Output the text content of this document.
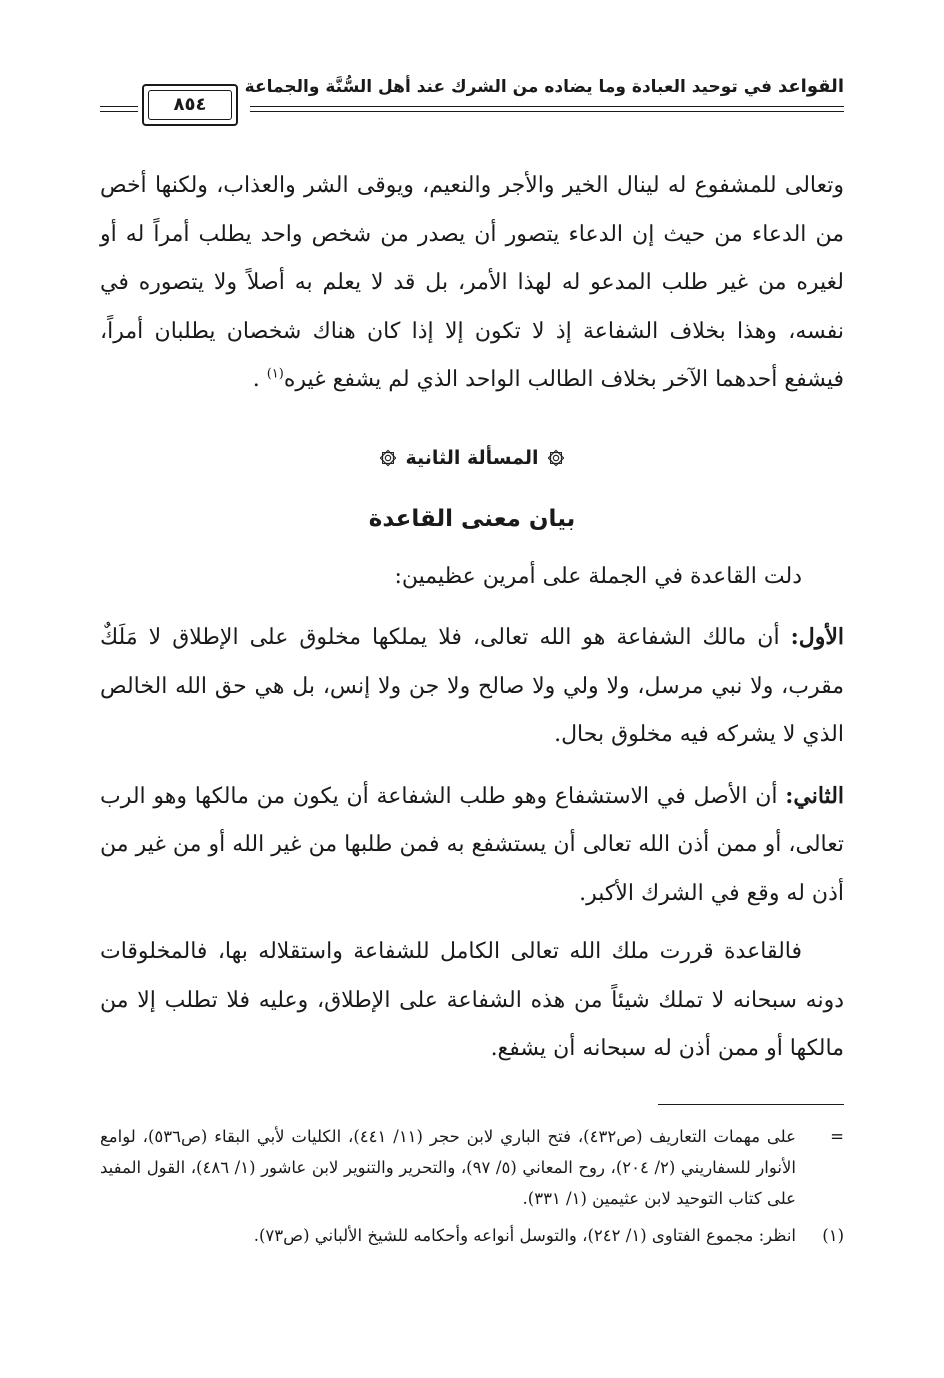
القواعد في توحيد العبادة وما يضاده من الشرك عند أهل السُّنَّة والجماعة
٨٥٤

وتعالى للمشفوع له لينال الخير والأجر والنعيم، ويوقى الشر والعذاب، ولكنها أخص من الدعاء من حيث إن الدعاء يتصور أن يصدر من شخص واحد يطلب أمراً له أو لغيره من غير طلب المدعو له لهذا الأمر، بل قد لا يعلم به أصلاً ولا يتصوره في نفسه، وهذا بخلاف الشفاعة إذ لا تكون إلا إذا كان هناك شخصان يطلبان أمراً، فيشفع أحدهما الآخر بخلاف الطالب الواحد الذي لم يشفع غيره$^{(١)}$ .

المسألة الثانية
بيان معنى القاعدة

دلت القاعدة في الجملة على أمرين عظيمين:

الأول: أن مالك الشفاعة هو الله تعالى، فلا يملكها مخلوق على الإطلاق لا مَلَكٌ مقرب، ولا نبي مرسل، ولا ولي ولا صالح ولا جن ولا إنس، بل هي حق الله الخالص الذي لا يشركه فيه مخلوق بحال.

الثاني: أن الأصل في الاستشفاع وهو طلب الشفاعة أن يكون من مالكها وهو الرب تعالى، أو ممن أذن الله تعالى أن يستشفع به فمن طلبها من غير الله أو من غير من أذن له وقع في الشرك الأكبر.

فالقاعدة قررت ملك الله تعالى الكامل للشفاعة واستقلاله بها، فالمخلوقات دونه سبحانه لا تملك شيئاً من هذه الشفاعة على الإطلاق، وعليه فلا تطلب إلا من مالكها أو ممن أذن له سبحانه أن يشفع.

=
على مهمات التعاريف (ص٤٣٢)، فتح الباري لابن حجر (١١/ ٤٤١)، الكليات لأبي البقاء (ص٥٣٦)، لوامع الأنوار للسفاريني (٢/ ٢٠٤)، روح المعاني (٥/ ٩٧)، والتحرير والتنوير لابن عاشور (١/ ٤٨٦)، القول المفيد على كتاب التوحيد لابن عثيمين (١/ ٣٣١).
(١)
انظر: مجموع الفتاوى (١/ ٢٤٢)، والتوسل أنواعه وأحكامه للشيخ الألباني (ص٧٣).
